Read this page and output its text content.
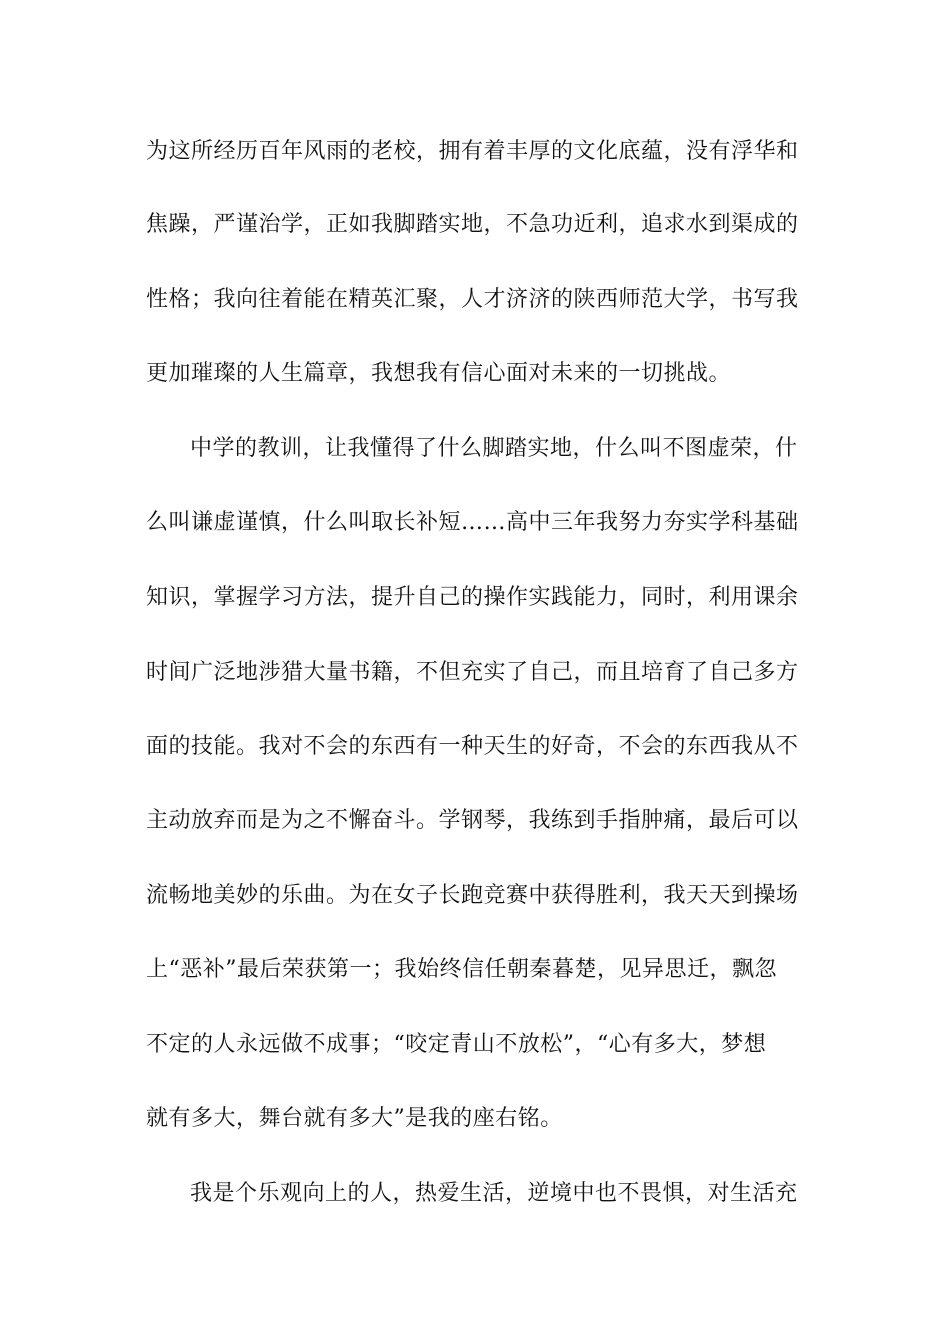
为这所经历百年风雨的老校，拥有着丰厚的文化底蕴，没有浮华和
焦躁，严谨治学，正如我脚踏实地，不急功近利，追求水到渠成的
性格；我向往着能在精英汇聚，人才济济的陕西师范大学，书写我
更加璀璨的人生篇章，我想我有信心面对未来的一切挑战。
中学的教训，让我懂得了什么脚踏实地，什么叫不图虚荣，什
么叫谦虚谨慎，什么叫取长补短……高中三年我努力夯实学科基础
知识，掌握学习方法，提升自己的操作实践能力，同时，利用课余
时间广泛地涉猎大量书籍，不但充实了自己，而且培育了自己多方
面的技能。我对不会的东西有一种天生的好奇，不会的东西我从不
主动放弃而是为之不懈奋斗。学钢琴，我练到手指肿痛，最后可以
流畅地美妙的乐曲。为在女子长跑竞赛中获得胜利，我天天到操场
上“恶补”最后荣获第一；我始终信任朝秦暮楚，见异思迁，飘忽
不定的人永远做不成事；“咬定青山不放松”，“心有多大，梦想
就有多大，舞台就有多大”是我的座右铭。
我是个乐观向上的人，热爱生活，逆境中也不畏惧，对生活充
